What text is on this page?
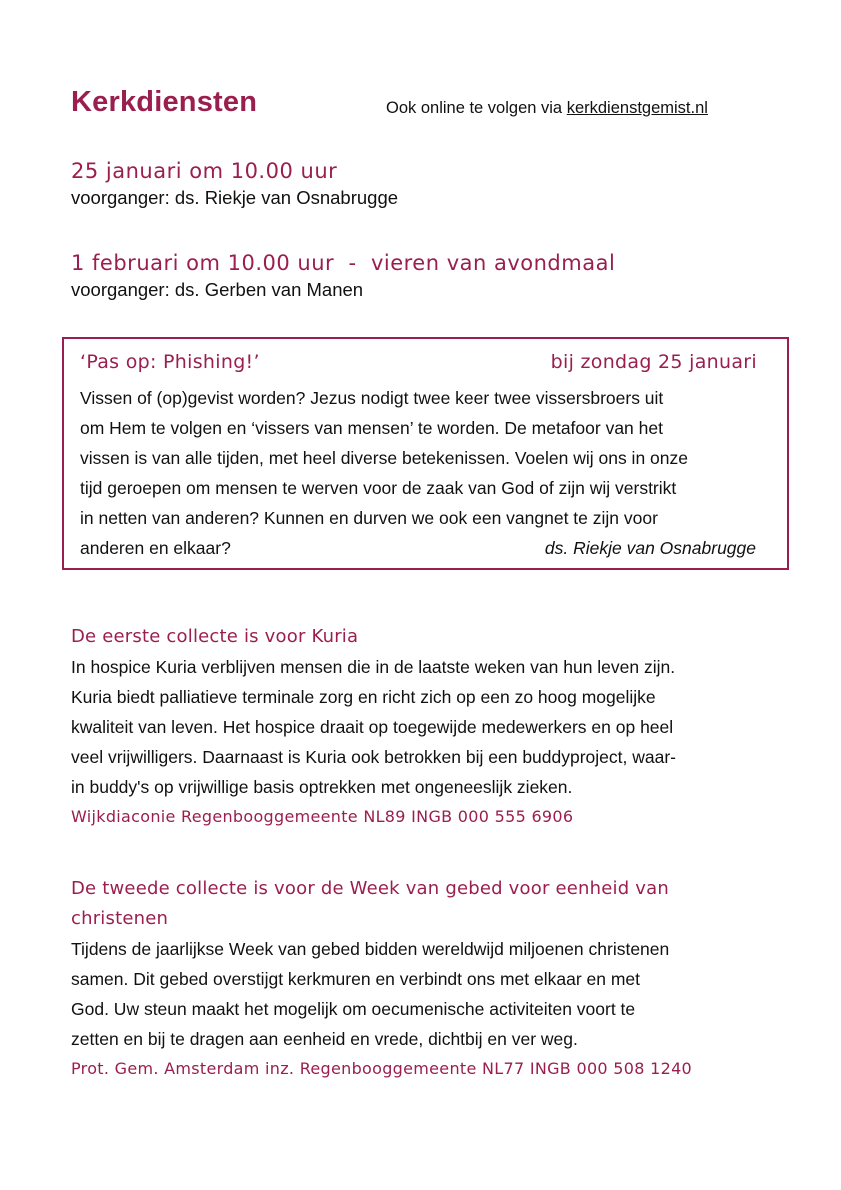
Kerkdiensten	Ook online te volgen via kerkdienstgemist.nl
25 januari om 10.00 uur
voorganger: ds. Riekje van Osnabrugge
1 februari om 10.00 uur  -  vieren van avondmaal
voorganger: ds. Gerben van Manen
‘Pas op: Phishing!’	bij zondag 25 januari
Vissen of (op)gevist worden? Jezus nodigt twee keer twee vissersbroers uit
om Hem te volgen en ‘vissers van mensen’ te worden. De metafoor van het
vissen is van alle tijden, met heel diverse betekenissen. Voelen wij ons in onze
tijd geroepen om mensen te werven voor de zaak van God of zijn wij verstrikt
in netten van anderen? Kunnen en durven we ook een vangnet te zijn voor
anderen en elkaar?	ds. Riekje van Osnabrugge
De eerste collecte is voor Kuria
In hospice Kuria verblijven mensen die in de laatste weken van hun leven zijn.
Kuria biedt palliatieve terminale zorg en richt zich op een zo hoog mogelijke
kwaliteit van leven. Het hospice draait op toegewijde medewerkers en op heel
veel vrijwilligers. Daarnaast is Kuria ook betrokken bij een buddyproject, waar-
in buddy's op vrijwillige basis optrekken met ongeneeslijk zieken.
Wijkdiaconie Regenbooggemeente NL89 INGB 000 555 6906
De tweede collecte is voor de Week van gebed voor eenheid van
christenen
Tijdens de jaarlijkse Week van gebed bidden wereldwijd miljoenen christenen
samen. Dit gebed overstijgt kerkmuren en verbindt ons met elkaar en met
God. Uw steun maakt het mogelijk om oecumenische activiteiten voort te
zetten en bij te dragen aan eenheid en vrede, dichtbij en ver weg.
Prot. Gem. Amsterdam inz. Regenbooggemeente NL77 INGB 000 508 1240
